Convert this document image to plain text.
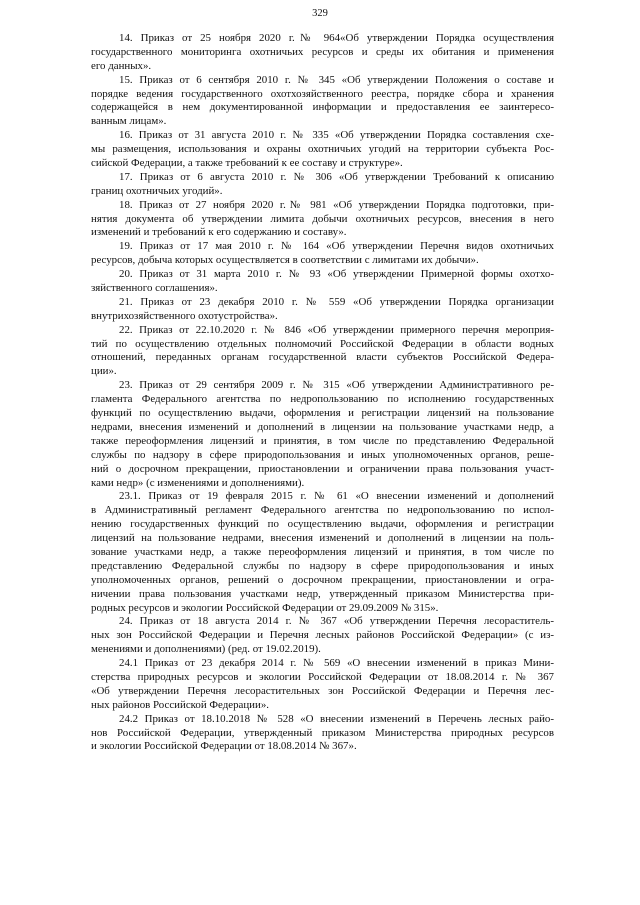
329
14. Приказ от 25 ноября 2020 г.№ 964«Об утверждении Порядка осуществления
государственного мониторинга охотничьих ресурсов и среды их обитания и применения
его данных».
15. Приказ от 6 сентября 2010 г. № 345 «Об утверждении Положения о составе и
порядке ведения государственного охотхозяйственного реестра, порядке сбора и хранения
содержащейся в нем документированной информации и предоставления ее заинтересо-
ванным лицам».
16. Приказ от 31 августа 2010 г. № 335 «Об утверждении Порядка составления схе-
мы размещения, использования и охраны охотничьих угодий на территории субъекта Рос-
сийской Федерации, а также требований к ее составу и структуре».
17. Приказ от 6 августа 2010 г. № 306 «Об утверждении Требований к описанию
границ охотничьих угодий».
18. Приказ от 27 ноября 2020 г.№ 981 «Об утверждении Порядка подготовки, при-
нятия документа об утверждении лимита добычи охотничьих ресурсов, внесения в него
изменений и требований к его содержанию и составу».
19. Приказ от 17 мая 2010 г. № 164 «Об утверждении Перечня видов охотничьих
ресурсов, добыча которых осуществляется в соответствии с лимитами их добычи».
20. Приказ от 31 марта 2010 г. № 93 «Об утверждении Примерной формы охотхо-
зяйственного соглашения».
21. Приказ от 23 декабря 2010 г. № 559 «Об утверждении Порядка организации
внутрихозяйственного охотустройства».
22. Приказ от 22.10.2020 г. № 846 «Об утверждении примерного перечня мероприя-
тий по осуществлению отдельных полномочий Российской Федерации в области водных
отношений, переданных органам государственной власти субъектов Российской Федера-
ции».
23. Приказ от 29 сентября 2009 г. № 315 «Об утверждении Административного ре-
гламента Федерального агентства по недропользованию по исполнению государственных
функций по осуществлению выдачи, оформления и регистрации лицензий на пользование
недрами, внесения изменений и дополнений в лицензии на пользование участками недр, а
также переоформления лицензий и принятия, в том числе по представлению Федеральной
службы по надзору в сфере природопользования и иных уполномоченных органов, реше-
ний о досрочном прекращении, приостановлении и ограничении права пользования участ-
ками недр» (с изменениями и дополнениями).
23.1. Приказ от 19 февраля 2015 г. № 61 «О внесении изменений и дополнений
в Административный регламент Федерального агентства по недропользованию по испол-
нению государственных функций по осуществлению выдачи, оформления и регистрации
лицензий на пользование недрами, внесения изменений и дополнений в лицензии на поль-
зование участками недр, а также переоформления лицензий и принятия, в том числе по
представлению Федеральной службы по надзору в сфере природопользования и иных
уполномоченных органов, решений о досрочном прекращении, приостановлении и огра-
ничении права пользования участками недр, утвержденный приказом Министерства при-
родных ресурсов и экологии Российской Федерации от 29.09.2009 № 315».
24. Приказ от 18 августа 2014 г. № 367 «Об утверждении Перечня лесораститель-
ных зон Российской Федерации и Перечня лесных районов Российской Федерации» (с из-
менениями и дополнениями) (ред. от 19.02.2019).
24.1 Приказ от 23 декабря 2014 г. № 569 «О внесении изменений в приказ Мини-
стерства природных ресурсов и экологии Российской Федерации от 18.08.2014 г. № 367
«Об утверждении Перечня лесорастительных зон Российской Федерации и Перечня лес-
ных районов Российской Федерации».
24.2 Приказ от 18.10.2018 № 528 «О внесении изменений в Перечень лесных райо-
нов Российской Федерации, утвержденный приказом Министерства природных ресурсов
и экологии Российской Федерации от 18.08.2014 № 367».
